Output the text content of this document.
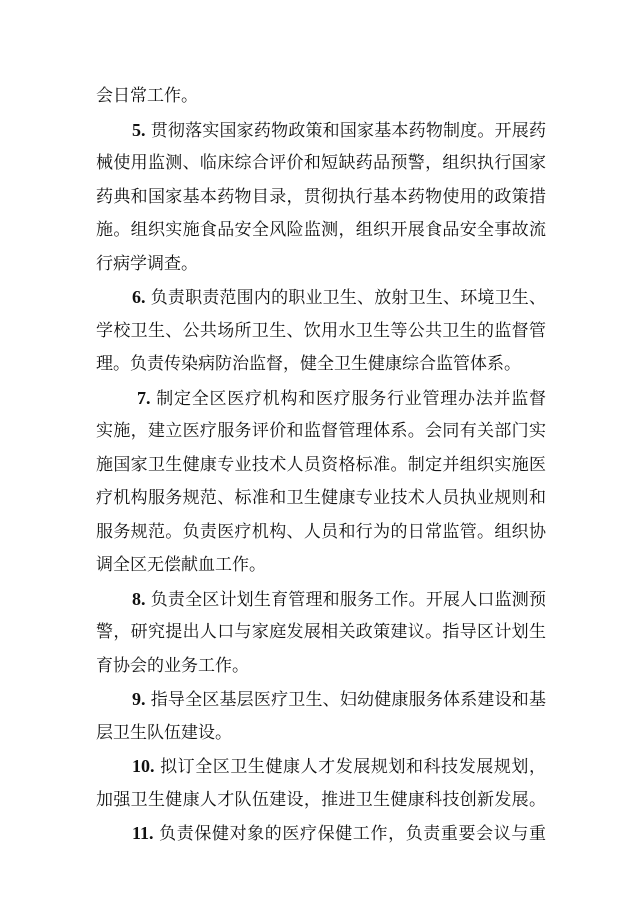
会日常工作。
5. 贯彻落实国家药物政策和国家基本药物制度。开展药
械使用监测、临床综合评价和短缺药品预警，组织执行国家
药典和国家基本药物目录，贯彻执行基本药物使用的政策措
施。组织实施食品安全风险监测，组织开展食品安全事故流
行病学调查。
6. 负责职责范围内的职业卫生、放射卫生、环境卫生、
学校卫生、公共场所卫生、饮用水卫生等公共卫生的监督管
理。负责传染病防治监督，健全卫生健康综合监管体系。
7. 制定全区医疗机构和医疗服务行业管理办法并监督
实施，建立医疗服务评价和监督管理体系。会同有关部门实
施国家卫生健康专业技术人员资格标准。制定并组织实施医
疗机构服务规范、标准和卫生健康专业技术人员执业规则和
服务规范。负责医疗机构、人员和行为的日常监管。组织协
调全区无偿献血工作。
8. 负责全区计划生育管理和服务工作。开展人口监测预
警，研究提出人口与家庭发展相关政策建议。指导区计划生
育协会的业务工作。
9. 指导全区基层医疗卫生、妇幼健康服务体系建设和基
层卫生队伍建设。
10. 拟订全区卫生健康人才发展规划和科技发展规划，
加强卫生健康人才队伍建设，推进卫生健康科技创新发展。
11. 负责保健对象的医疗保健工作，负责重要会议与重
